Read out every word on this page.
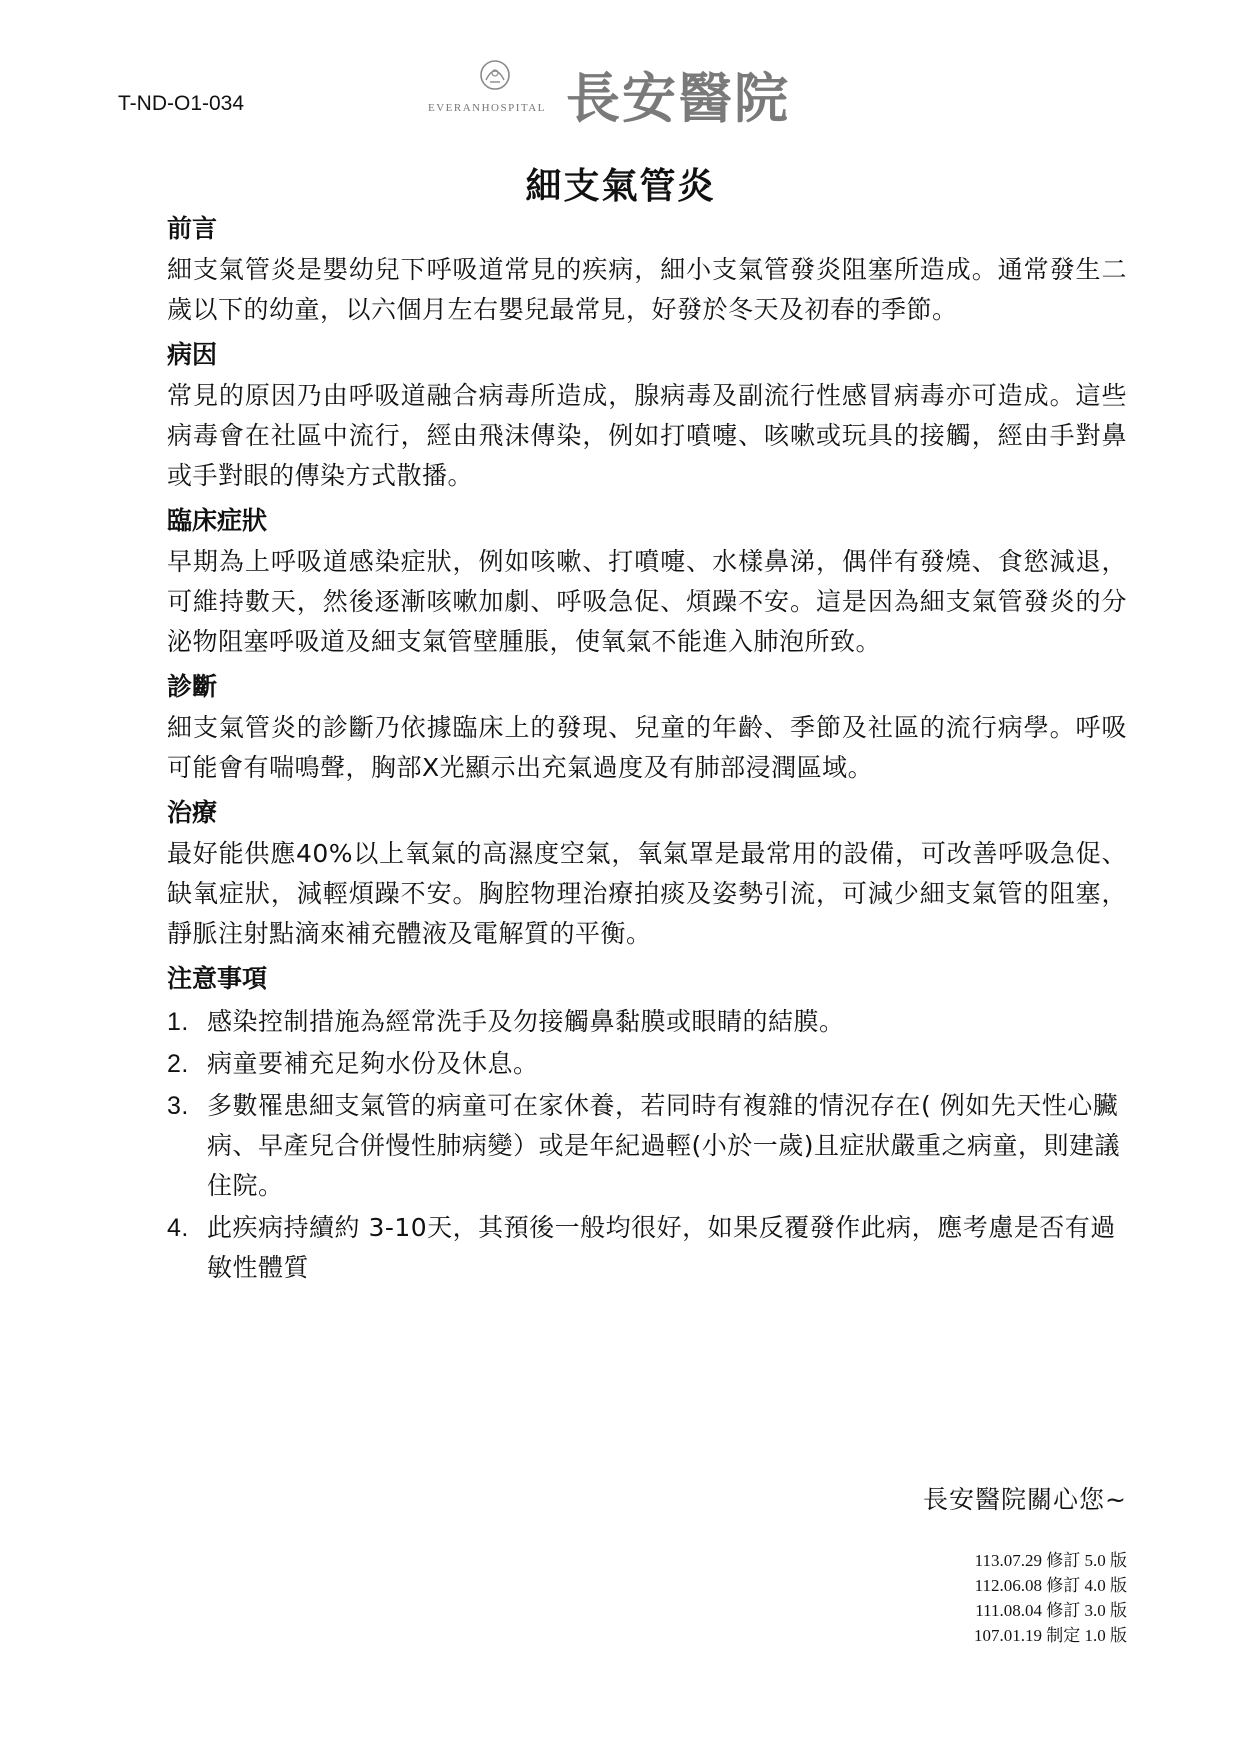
T-ND-O1-034	EVERANHOSPITAL 長安醫院
細支氣管炎
前言

細支氣管炎是嬰幼兒下呼吸道常見的疾病，細小支氣管發炎阻塞所造成。通常發生二歲以下的幼童，以六個月左右嬰兒最常見，好發於冬天及初春的季節。

病因

常見的原因乃由呼吸道融合病毒所造成，腺病毒及副流行性感冒病毒亦可造成。這些病毒會在社區中流行，經由飛沫傳染，例如打噴嚏、咳嗽或玩具的接觸，經由手對鼻或手對眼的傳染方式散播。

臨床症狀

早期為上呼吸道感染症狀，例如咳嗽、打噴嚏、水樣鼻涕，偶伴有發燒、食慾減退，可維持數天，然後逐漸咳嗽加劇、呼吸急促、煩躁不安。這是因為細支氣管發炎的分泌物阻塞呼吸道及細支氣管壁腫脹，使氧氣不能進入肺泡所致。

診斷

細支氣管炎的診斷乃依據臨床上的發現、兒童的年齡、季節及社區的流行病學。呼吸可能會有喘鳴聲，胸部X光顯示出充氣過度及有肺部浸潤區域。

治療

最好能供應40%以上氧氣的高濕度空氣，氧氣罩是最常用的設備，可改善呼吸急促、缺氧症狀，減輕煩躁不安。胸腔物理治療拍痰及姿勢引流，可減少細支氣管的阻塞，靜脈注射點滴來補充體液及電解質的平衡。

注意事項
1. 感染控制措施為經常洗手及勿接觸鼻黏膜或眼睛的結膜。
2. 病童要補充足夠水份及休息。
3. 多數罹患細支氣管的病童可在家休養，若同時有複雜的情況存在( 例如先天性心臟病、早產兒合併慢性肺病變）或是年紀過輕(小於一歲)且症狀嚴重之病童，則建議住院。
4. 此疾病持續約 3-10天，其預後一般均很好，如果反覆發作此病，應考慮是否有過敏性體質
長安醫院關心您~
113.07.29 修訂 5.0 版
112.06.08 修訂 4.0 版
111.08.04 修訂 3.0 版
107.01.19 制定 1.0 版
